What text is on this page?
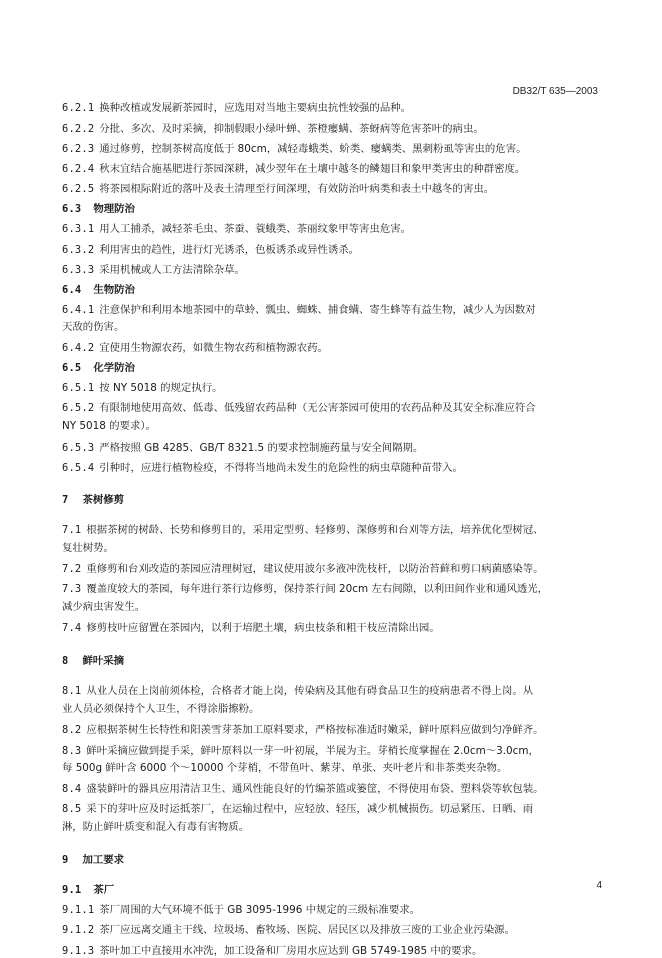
DB32/T 635—2003
6.2.1 换种改植或发展新茶园时，应选用对当地主要病虫抗性较强的品种。
6.2.2 分批、多次、及时采摘，抑制假眼小绿叶蝉、茶橙瘿螨、茶蚜病等危害茶叶的病虫。
6.2.3 通过修剪，控制茶树高度低于 80cm，减轻毒蛾类、蚧类、瘿螨类、黑刺粉虱等害虫的危害。
6.2.4 秋末宜结合施基肥进行茶园深耕，减少翌年在土壤中越冬的鳞翅目和象甲类害虫的种群密度。
6.2.5 将茶园根际附近的落叶及表土清理至行间深埋，有效防治叶病类和表土中越冬的害虫。
6.3 物理防治
6.3.1 用人工捕杀，减轻茶毛虫、茶蚕、蓑蛾类、茶丽纹象甲等害虫危害。
6.3.2 利用害虫的趋性，进行灯光诱杀，色板诱杀或异性诱杀。
6.3.3 采用机械或人工方法清除杂草。
6.4 生物防治
6.4.1 注意保护和利用本地茶园中的草蛉、瓢虫、蜘蛛、捕食螨、寄生蜂等有益生物，减少人为因数对
天敌的伤害。
6.4.2 宜使用生物源农药，如微生物农药和植物源农药。
6.5 化学防治
6.5.1 按 NY 5018 的规定执行。
6.5.2 有限制地使用高效、低毒、低残留农药品种（无公害茶园可使用的农药品种及其安全标准应符合
NY 5018 的要求）。
6.5.3 严格按照 GB 4285、GB/T 8321.5 的要求控制施药量与安全间隔期。
6.5.4 引种时，应进行植物检疫，不得将当地尚未发生的危险性的病虫草随种苗带入。
7 茶树修剪
7.1 根据茶树的树龄、长势和修剪目的，采用定型剪、轻修剪、深修剪和台刈等方法，培养优化型树冠、
复壮树势。
7.2 重修剪和台刈改造的茶园应清理树冠，建议使用波尔多液冲洗枝杆，以防治苔藓和剪口病菌感染等。
7.3 覆盖度较大的茶园，每年进行茶行边修剪，保持茶行间 20cm 左右间隙，以利田间作业和通风透光，
减少病虫害发生。
7.4 修剪枝叶应留置在茶园内，以利于培肥土壤，病虫枝条和粗干枝应清除出园。
8 鲜叶采摘
8.1 从业人员在上岗前须体检，合格者才能上岗，传染病及其他有碍食品卫生的疫病患者不得上岗。从
业人员必须保持个人卫生，不得涂脂擦粉。
8.2 应根据茶树生长特性和阳羡雪芽茶加工原料要求，严格按标准适时嫩采，鲜叶原料应做到匀净鲜齐。
8.3 鲜叶采摘应做到提手采，鲜叶原料以一芽一叶初展，半展为主。芽梢长度掌握在 2.0cm～3.0cm，
每 500g 鲜叶含 6000 个～10000 个芽梢，不带鱼叶、紫芽、单张、夹叶老片和非茶类夹杂物。
8.4 盛装鲜叶的器具应用清洁卫生、通风性能良好的竹编茶篮或篓筐，不得使用布袋、塑料袋等软包装。
8.5 采下的芽叶应及时运抵茶厂，在运输过程中，应轻放、轻压，减少机械损伤。切忌紧压、日晒、雨
淋，防止鲜叶质变和混入有毒有害物质。
9 加工要求
9.1 茶厂
9.1.1 茶厂周围的大气环境不低于 GB 3095-1996 中规定的三级标准要求。
9.1.2 茶厂应远离交通主干线、垃圾场、畜牧场、医院、居民区以及排放三废的工业企业污染源。
9.1.3 茶叶加工中直接用水冲洗，加工设备和厂房用水应达到 GB 5749-1985 中的要求。
4
